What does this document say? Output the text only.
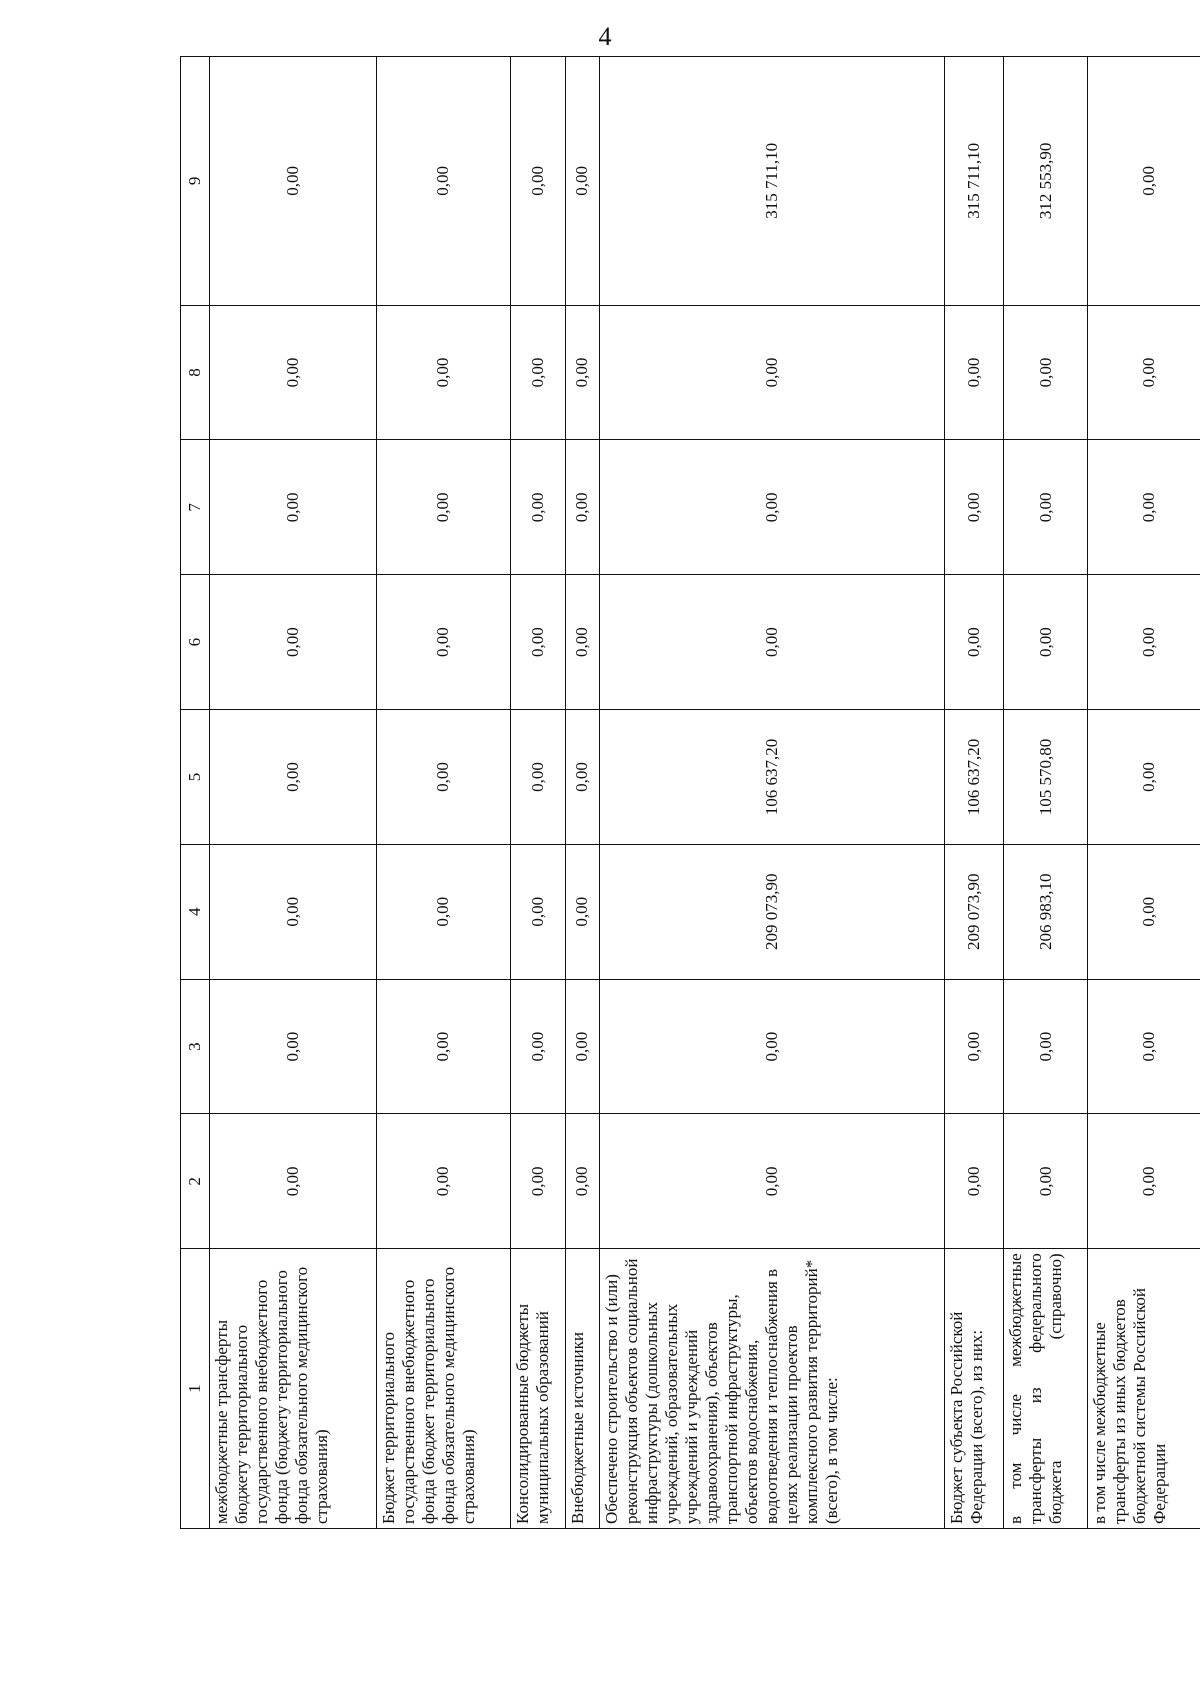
4
1	2	3	4	5	6	7	8	9
межбюджетные трансферты бюджету территориального государственного внебюджетного фонда (бюджету территориального фонда обязательного медицинского страхования)	0,00	0,00	0,00	0,00	0,00	0,00	0,00	0,00
Бюджет территориального государственного внебюджетного фонда (бюджет территориального фонда обязательного медицинского страхования)	0,00	0,00	0,00	0,00	0,00	0,00	0,00	0,00
Консолидированные бюджеты муниципальных образований	0,00	0,00	0,00	0,00	0,00	0,00	0,00	0,00
Внебюджетные источники	0,00	0,00	0,00	0,00	0,00	0,00	0,00	0,00
Обеспечено строительство и (или) реконструкция объектов социальной инфраструктуры (дошкольных учреждений, образовательных учреждений и учреждений здравоохранения), объектов транспортной инфраструктуры, объектов водоснабжения, водоотведения и теплоснабжения в целях реализации проектов комплексного развития территорий* (всего), в том числе:	0,00	0,00	209 073,90	106 637,20	0,00	0,00	0,00	315 711,10
Бюджет субъекта Российской Федерации (всего), из них:	0,00	0,00	209 073,90	106 637,20	0,00	0,00	0,00	315 711,10
в том числе межбюджетные трансферты из федерального бюджета (справочно)	0,00	0,00	206 983,10	105 570,80	0,00	0,00	0,00	312 553,90
в том числе межбюджетные трансферты из иных бюджетов бюджетной системы Российской Федерации	0,00	0,00	0,00	0,00	0,00	0,00	0,00	0,00
